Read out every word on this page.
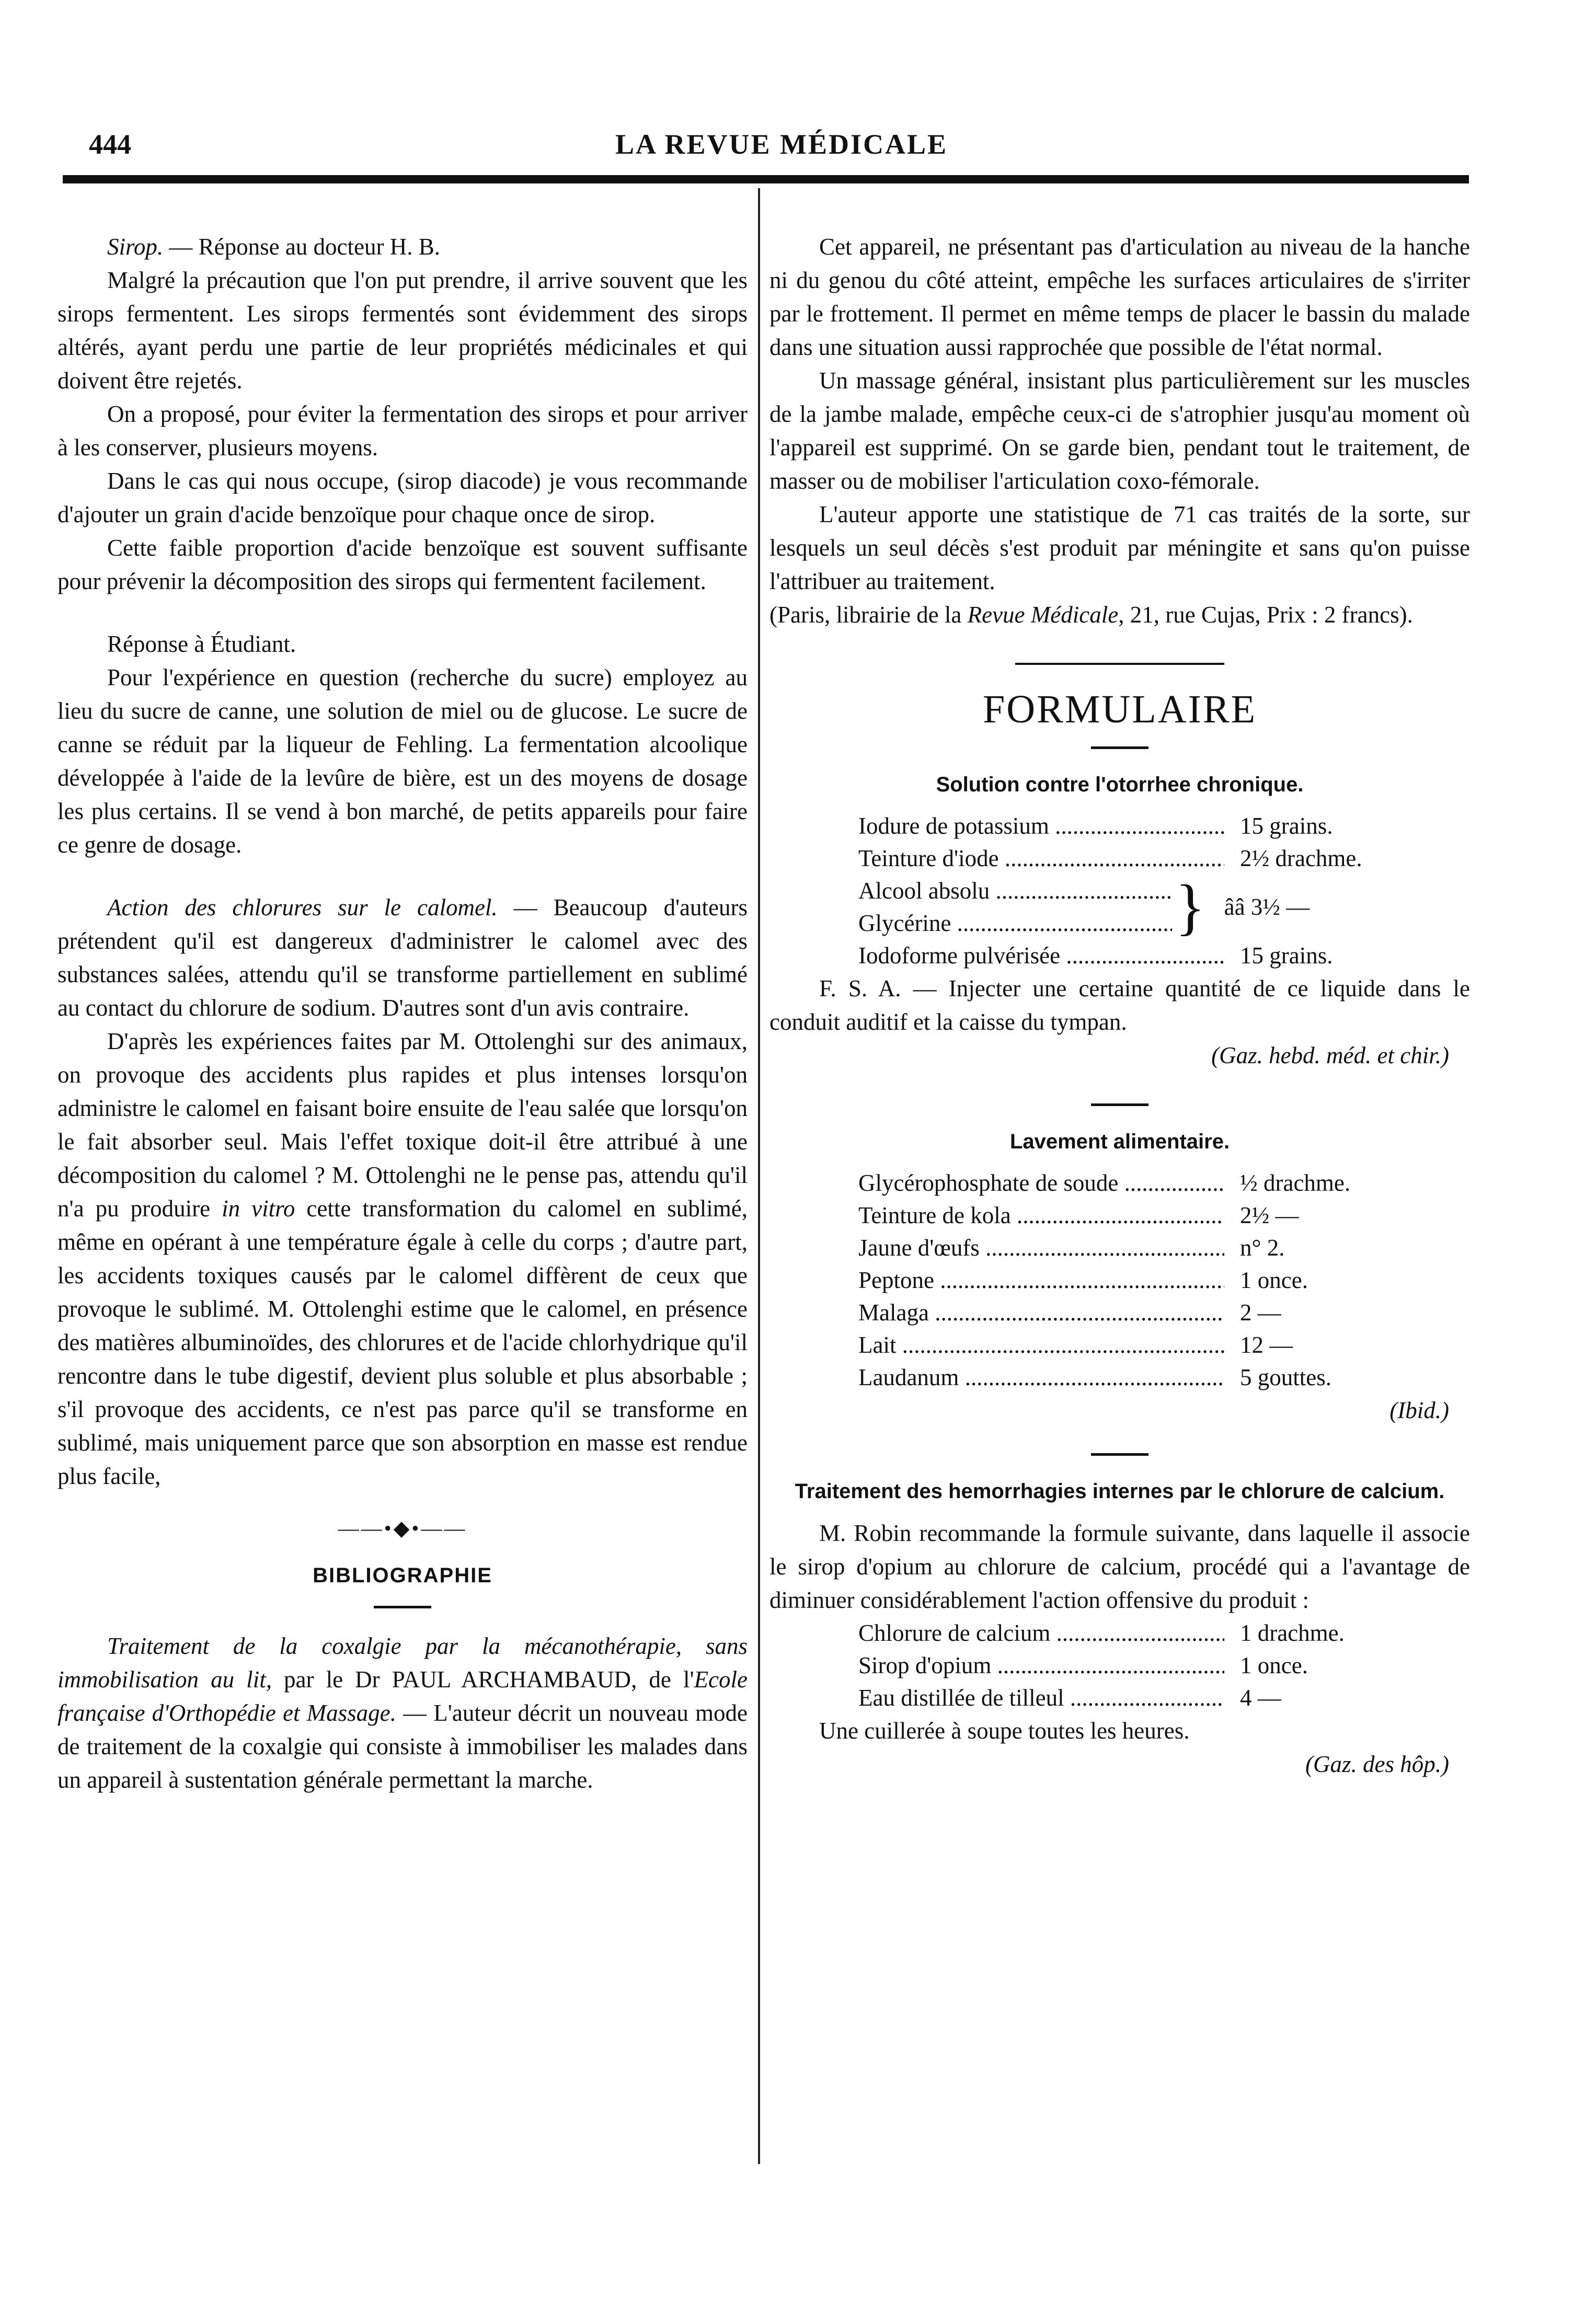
444	LA REVUE MÉDICALE

Sirop. — Réponse au docteur H. B.

Malgré la précaution que l'on put prendre, il arrive souvent que les sirops fermentent. Les sirops fermentés sont évidemment des sirops altérés, ayant perdu une partie de leur propriétés médicinales et qui doivent être rejetés.

On a proposé, pour éviter la fermentation des sirops et pour arriver à les conserver, plusieurs moyens.

Dans le cas qui nous occupe, (sirop diacode) je vous recommande d'ajouter un grain d'acide benzoïque pour chaque once de sirop.

Cette faible proportion d'acide benzoïque est souvent suffisante pour prévenir la décomposition des sirops qui fermentent facilement.

Réponse à Étudiant.

Pour l'expérience en question (recherche du sucre) employez au lieu du sucre de canne, une solution de miel ou de glucose. Le sucre de canne se réduit par la liqueur de Fehling. La fermentation alcoolique développée à l'aide de la levûre de bière, est un des moyens de dosage les plus certains. Il se vend à bon marché, de petits appareils pour faire ce genre de dosage.

Action des chlorures sur le calomel. — Beaucoup d'auteurs prétendent qu'il est dangereux d'administrer le calomel avec des substances salées, attendu qu'il se transforme partiellement en sublimé au contact du chlorure de sodium. D'autres sont d'un avis contraire.

D'après les expériences faites par M. Ottolenghi sur des animaux, on provoque des accidents plus rapides et plus intenses lorsqu'on administre le calomel en faisant boire ensuite de l'eau salée que lorsqu'on le fait absorber seul. Mais l'effet toxique doit-il être attribué à une décomposition du calomel ? M. Ottolenghi ne le pense pas, attendu qu'il n'a pu produire in vitro cette transformation du calomel en sublimé, même en opérant à une température égale à celle du corps ; d'autre part, les accidents toxiques causés par le calomel diffèrent de ceux que provoque le sublimé. M. Ottolenghi estime que le calomel, en présence des matières albuminoïdes, des chlorures et de l'acide chlorhydrique qu'il rencontre dans le tube digestif, devient plus soluble et plus absorbable ; s'il provoque des accidents, ce n'est pas parce qu'il se transforme en sublimé, mais uniquement parce que son absorption en masse est rendue plus facile,

——•◆•——
BIBLIOGRAPHIE

Traitement de la coxalgie par la mécanothérapie, sans immobilisation au lit, par le Dr PAUL ARCHAMBAUD, de l'Ecole française d'Orthopédie et Massage. — L'auteur décrit un nouveau mode de traitement de la coxalgie qui consiste à immobiliser les malades dans un appareil à sustentation générale permettant la marche.

Cet appareil, ne présentant pas d'articulation au niveau de la hanche ni du genou du côté atteint, empêche les surfaces articulaires de s'irriter par le frottement. Il permet en même temps de placer le bassin du malade dans une situation aussi rapprochée que possible de l'état normal.

Un massage général, insistant plus particulièrement sur les muscles de la jambe malade, empêche ceux-ci de s'atrophier jusqu'au moment où l'appareil est supprimé. On se garde bien, pendant tout le traitement, de masser ou de mobiliser l'articulation coxo-fémorale.

L'auteur apporte une statistique de 71 cas traités de la sorte, sur lesquels un seul décès s'est produit par méningite et sans qu'on puisse l'attribuer au traitement.

(Paris, librairie de la Revue Médicale, 21, rue Cujas, Prix : 2 francs).

FORMULAIRE
Solution contre l'otorrhee chronique.
Iodure de potassium .....	15 grains.
Teinture d'iode .....	2½ drachme.
Alcool absolu .....
Glycérine .....	} ââ 3½ —
Iodoforme pulvérisée .....	15 grains.

F. S. A. — Injecter une certaine quantité de ce liquide dans le conduit auditif et la caisse du tympan.

(Gaz. hebd. méd. et chir.)
Lavement alimentaire.
Glycérophosphate de soude .....	½ drachme.
Teinture de kola .....	2½ —
Jaune d'œufs .....	n° 2.
Peptone .....	1 once.
Malaga .....	2 —
Lait .....	12 —
Laudanum .....	5 gouttes.
(Ibid.)
Traitement des hemorrhagies internes par le chlorure de calcium.

M. Robin recommande la formule suivante, dans laquelle il associe le sirop d'opium au chlorure de calcium, procédé qui a l'avantage de diminuer considérablement l'action offensive du produit :

Chlorure de calcium .....	1 drachme.
Sirop d'opium .....	1 once.
Eau distillée de tilleul .....	4 —

Une cuillerée à soupe toutes les heures.

(Gaz. des hôp.)
